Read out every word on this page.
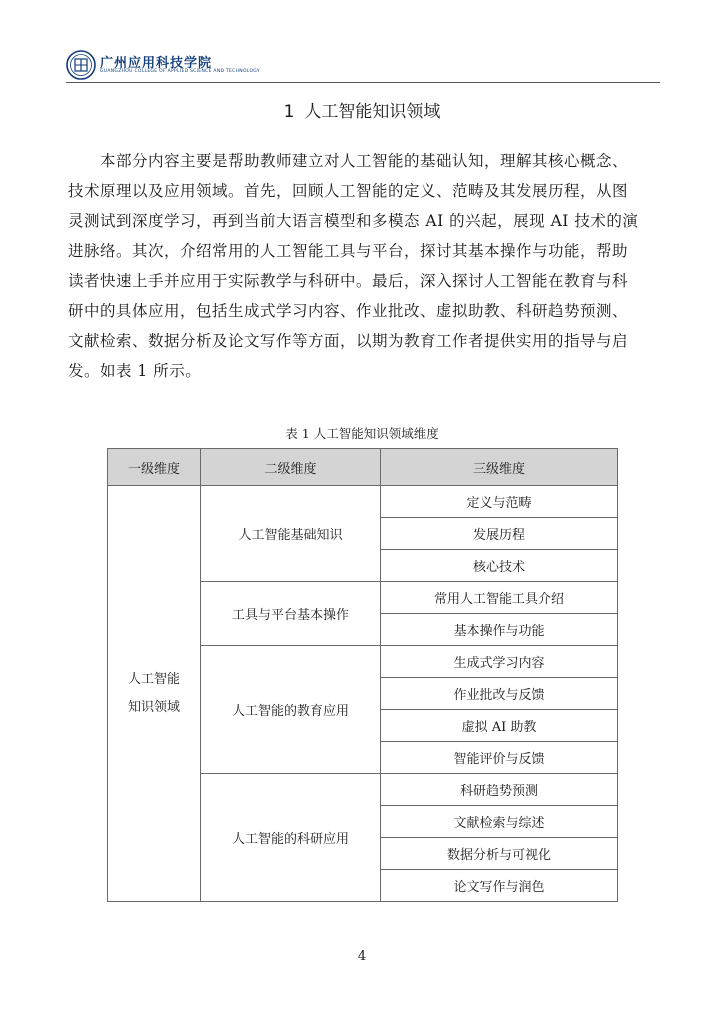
广州应用科技学院
GUANGZHOU COLLEGE OF APPLIED SCIENCE AND TECHNOLOGY
1 人工智能知识领域
本部分内容主要是帮助教师建立对人工智能的基础认知，理解其核心概念、
技术原理以及应用领域。首先，回顾人工智能的定义、范畴及其发展历程，从图
灵测试到深度学习，再到当前大语言模型和多模态 AI 的兴起，展现 AI 技术的演
进脉络。其次，介绍常用的人工智能工具与平台，探讨其基本操作与功能，帮助
读者快速上手并应用于实际教学与科研中。最后，深入探讨人工智能在教育与科
研中的具体应用，包括生成式学习内容、作业批改、虚拟助教、科研趋势预测、
文献检索、数据分析及论文写作等方面，以期为教育工作者提供实用的指导与启
发。如表 1 所示。
表 1 人工智能知识领域维度
一级维度	二级维度	三级维度
人工智能
知识领域	人工智能基础知识	定义与范畴
		发展历程
		核心技术
	工具与平台基本操作	常用人工智能工具介绍
		基本操作与功能
	人工智能的教育应用	生成式学习内容
		作业批改与反馈
		虚拟 AI 助教
		智能评价与反馈
	人工智能的科研应用	科研趋势预测
		文献检索与综述
		数据分析与可视化
		论文写作与润色
4
